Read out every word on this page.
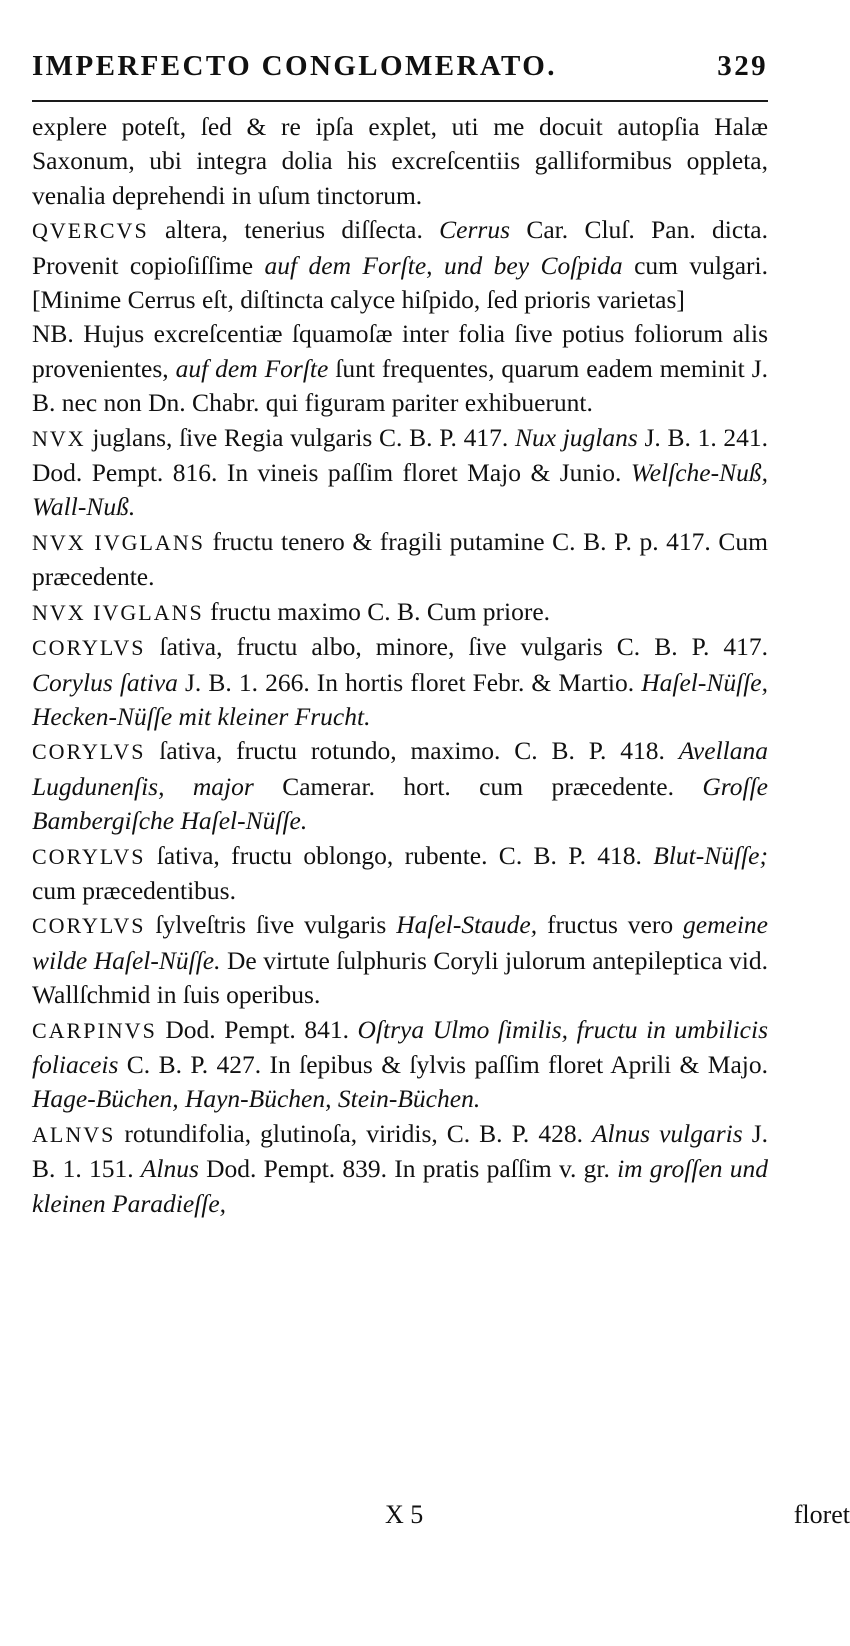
IMPERFECTO CONGLOMERATO.	329

explere poteſt, ſed & re ipſa explet, uti me docuit autopſia Halæ Saxonum, ubi integra dolia his excreſcentiis galliformibus oppleta, venalia deprehendi in uſum tinctorum.

QVERCVS altera, tenerius diſſecta. Cerrus Car. Cluſ. Pan. dicta. Provenit copioſiſſime auf dem Forſte, und bey Coſpida cum vulgari. [Minime Cerrus eſt, diſtincta calyce hiſpido, ſed prioris varietas]

NB. Hujus excreſcentiæ ſquamoſæ inter folia ſive potius foliorum alis provenientes, auf dem Forſte ſunt frequentes, quarum eadem meminit J. B. nec non Dn. Chabr. qui figuram pariter exhibuerunt.

NVX juglans, ſive Regia vulgaris C. B. P. 417. Nux juglans J. B. 1. 241. Dod. Pempt. 816. In vineis paſſim floret Majo & Junio. Welſche-Nuß, Wall-Nuß.

NVX IVGLANS fructu tenero & fragili putamine C. B. P. p. 417. Cum præcedente.

NVX IVGLANS fructu maximo C. B. Cum priore.

CORYLVS ſativa, fructu albo, minore, ſive vulgaris C. B. P. 417. Corylus ſativa J. B. 1. 266. In hortis floret Febr. & Martio. Haſel-Nüſſe, Hecken-Nüſſe mit kleiner Frucht.

CORYLVS ſativa, fructu rotundo, maximo. C. B. P. 418. Avellana Lugdunenſis, major Camerar. hort. cum præcedente. Groſſe Bambergiſche Haſel-Nüſſe.

CORYLVS ſativa, fructu oblongo, rubente. C. B. P. 418. Blut-Nüſſe; cum præcedentibus.

CORYLVS ſylveſtris ſive vulgaris Haſel-Staude, fructus vero gemeine wilde Haſel-Nüſſe. De virtute ſulphuris Coryli julorum antepileptica vid. Wallſchmid in ſuis operibus.

CARPINVS Dod. Pempt. 841. Oſtrya Ulmo ſimilis, fructu in umbilicis foliaceis C. B. P. 427. In ſepibus & ſylvis paſſim floret Aprili & Majo. Hage-Büchen, Hayn-Büchen, Stein-Büchen.

ALNVS rotundifolia, glutinoſa, viridis, C. B. P. 428. Alnus vulgaris J. B. 1. 151. Alnus Dod. Pempt. 839. In pratis paſſim v. gr. im groſſen und kleinen Paradieſſe,

X 5	floret
